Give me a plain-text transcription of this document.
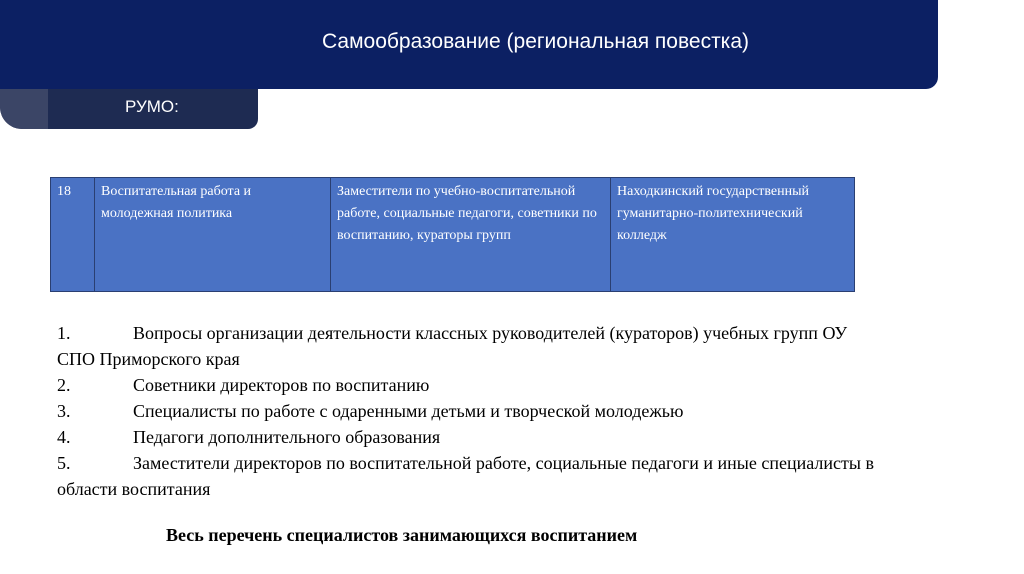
Самообразование (региональная повестка)
РУМО:
18	Воспитательная работа и молодежная политика	Заместители по учебно-воспитательной работе, социальные педагоги, советники по воспитанию, кураторы групп	Находкинский государственный гуманитарно-политехнический колледж
1.	Вопросы организации деятельности классных руководителей (кураторов) учебных групп ОУ СПО Приморского края
2.	Советники директоров по воспитанию
3.	Специалисты по работе с одаренными детьми и творческой молодежью
4.	Педагоги дополнительного образования
5.	Заместители директоров по воспитательной работе, социальные педагоги и иные специалисты в области воспитания
Весь перечень специалистов занимающихся воспитанием
